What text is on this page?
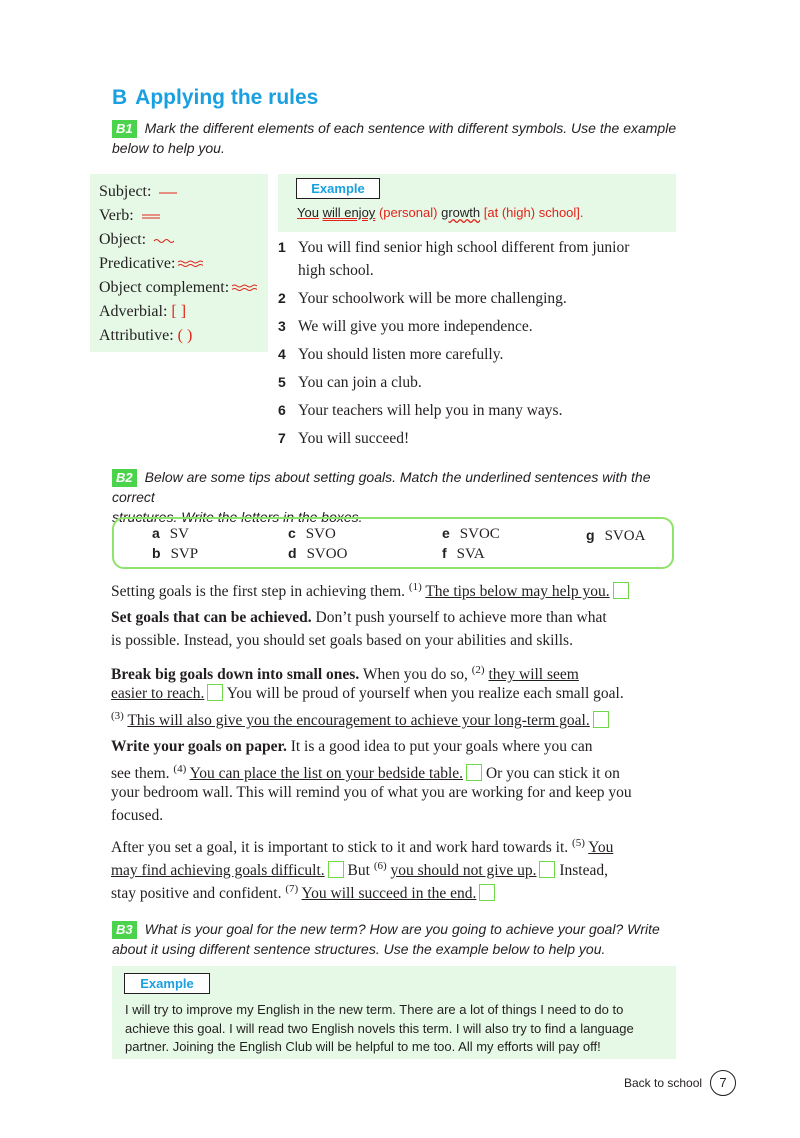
B Applying the rules
B1 Mark the different elements of each sentence with different symbols. Use the example
below to help you.
Subject:
Verb:
Object:
Predicative:
Object complement:
Adverbial: [ ]
Attributive: ( )
Example
You will enjoy (personal) growth [at (high) school].
1 You will find senior high school different from junior
high school.
2 Your schoolwork will be more challenging.
3 We will give you more independence.
4 You should listen more carefully.
5 You can join a club.
6 Your teachers will help you in many ways.
7 You will succeed!
B2 Below are some tips about setting goals. Match the underlined sentences with the correct
structures. Write the letters in the boxes.
a SV
b SVP
c SVO
d SVOO
e SVOC
f SVA
g SVOA
Setting goals is the first step in achieving them. $^{(1)}$ The tips below may help you.
Set goals that can be achieved. Don’t push yourself to achieve more than what
is possible. Instead, you should set goals based on your abilities and skills.
Break big goals down into small ones. When you do so, $^{(2)}$ they will seem
easier to reach. You will be proud of yourself when you realize each small goal.
$^{(3)}$ This will also give you the encouragement to achieve your long-term goal.
Write your goals on paper. It is a good idea to put your goals where you can
see them. $^{(4)}$ You can place the list on your bedside table. Or you can stick it on
your bedroom wall. This will remind you of what you are working for and keep you
focused.
After you set a goal, it is important to stick to it and work hard towards it. $^{(5)}$ You
may find achieving goals difficult. But $^{(6)}$ you should not give up. Instead,
stay positive and confident. $^{(7)}$ You will succeed in the end.
B3 What is your goal for the new term? How are you going to achieve your goal? Write
about it using different sentence structures. Use the example below to help you.
Example
I will try to improve my English in the new term. There are a lot of things I need to do to achieve this goal. I will read two English novels this term. I will also try to find a language partner. Joining the English Club will be helpful to me too. All my efforts will pay off!
Back to school	7
